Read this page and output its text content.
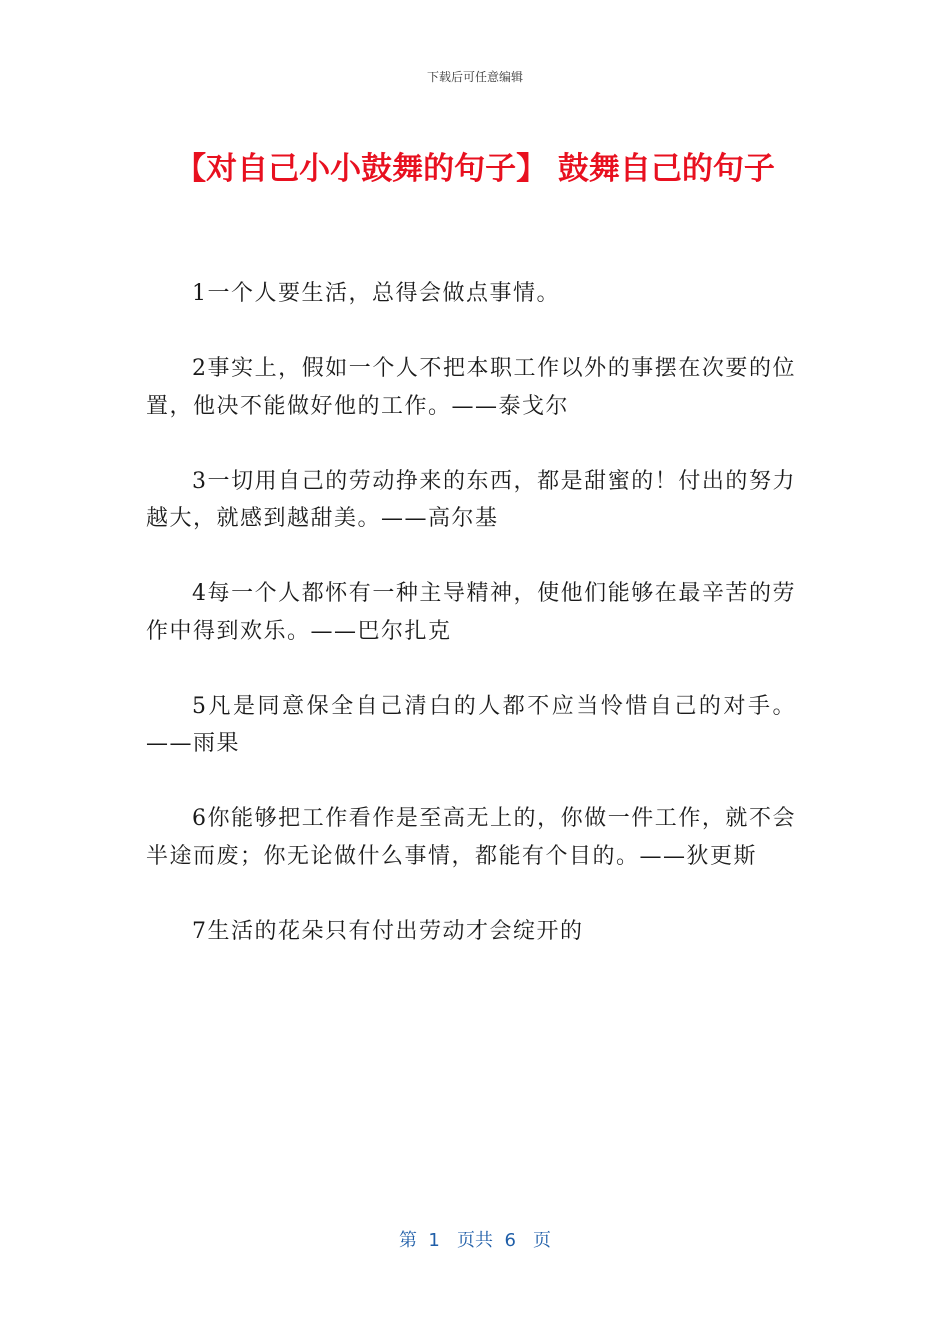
下载后可任意编辑
【对自己小小鼓舞的句子】 鼓舞自己的句子

1一个人要生活，总得会做点事情。

2事实上，假如一个人不把本职工作以外的事摆在次要的位置，他决不能做好他的工作。——泰戈尔

3一切用自己的劳动挣来的东西，都是甜蜜的！付出的努力越大，就感到越甜美。——高尔基

4每一个人都怀有一种主导精神，使他们能够在最辛苦的劳作中得到欢乐。——巴尔扎克

5凡是同意保全自己清白的人都不应当怜惜自己的对手。——雨果

6你能够把工作看作是至高无上的，你做一件工作，就不会半途而废；你无论做什么事情，都能有个目的。——狄更斯

7生活的花朵只有付出劳动才会绽开的

第  1   页共  6   页
